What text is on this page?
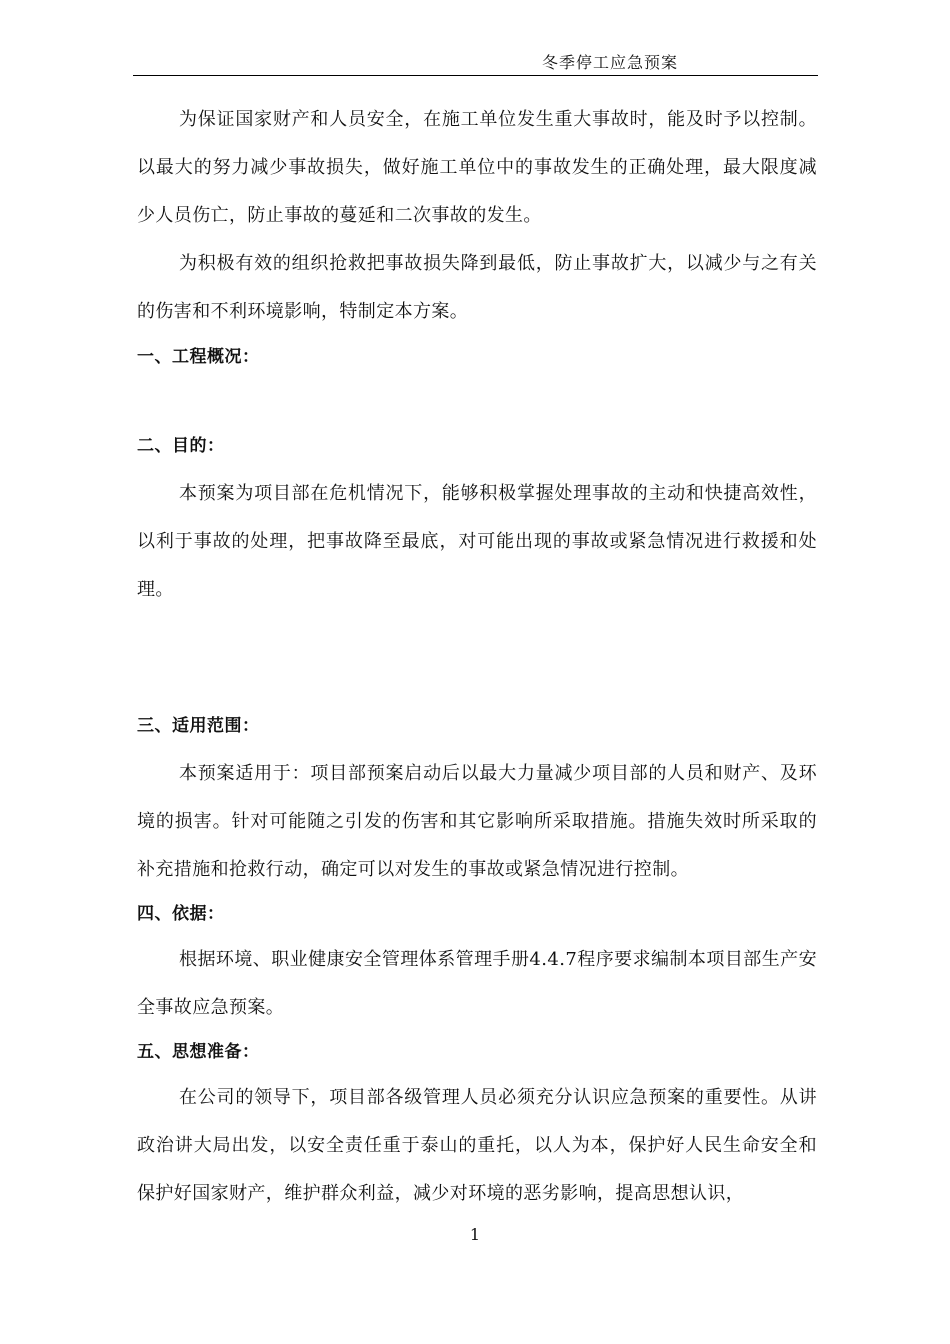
冬季停工应急预案

为保证国家财产和人员安全，在施工单位发生重大事故时，能及时予以控制。以最大的努力减少事故损失，做好施工单位中的事故发生的正确处理，最大限度减少人员伤亡，防止事故的蔓延和二次事故的发生。

为积极有效的组织抢救把事故损失降到最低，防止事故扩大，以减少与之有关的伤害和不利环境影响，特制定本方案。

一、工程概况：
二、目的：

本预案为项目部在危机情况下，能够积极掌握处理事故的主动和快捷高效性，以利于事故的处理，把事故降至最底，对可能出现的事故或紧急情况进行救援和处理。

三、适用范围：

本预案适用于：项目部预案启动后以最大力量减少项目部的人员和财产、及环境的损害。针对可能随之引发的伤害和其它影响所采取措施。措施失效时所采取的补充措施和抢救行动，确定可以对发生的事故或紧急情况进行控制。

四、依据：

根据环境、职业健康安全管理体系管理手册4.4.7程序要求编制本项目部生产安全事故应急预案。

五、思想准备：

在公司的领导下，项目部各级管理人员必须充分认识应急预案的重要性。从讲政治讲大局出发，以安全责任重于泰山的重托，以人为本，保护好人民生命安全和保护好国家财产，维护群众利益，减少对环境的恶劣影响，提高思想认识，

1
